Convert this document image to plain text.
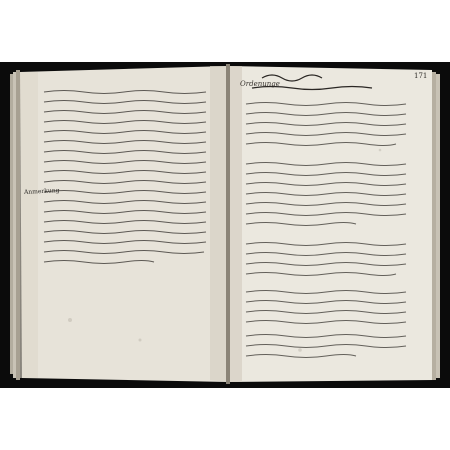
Anmerkung
Ordenunge
171
